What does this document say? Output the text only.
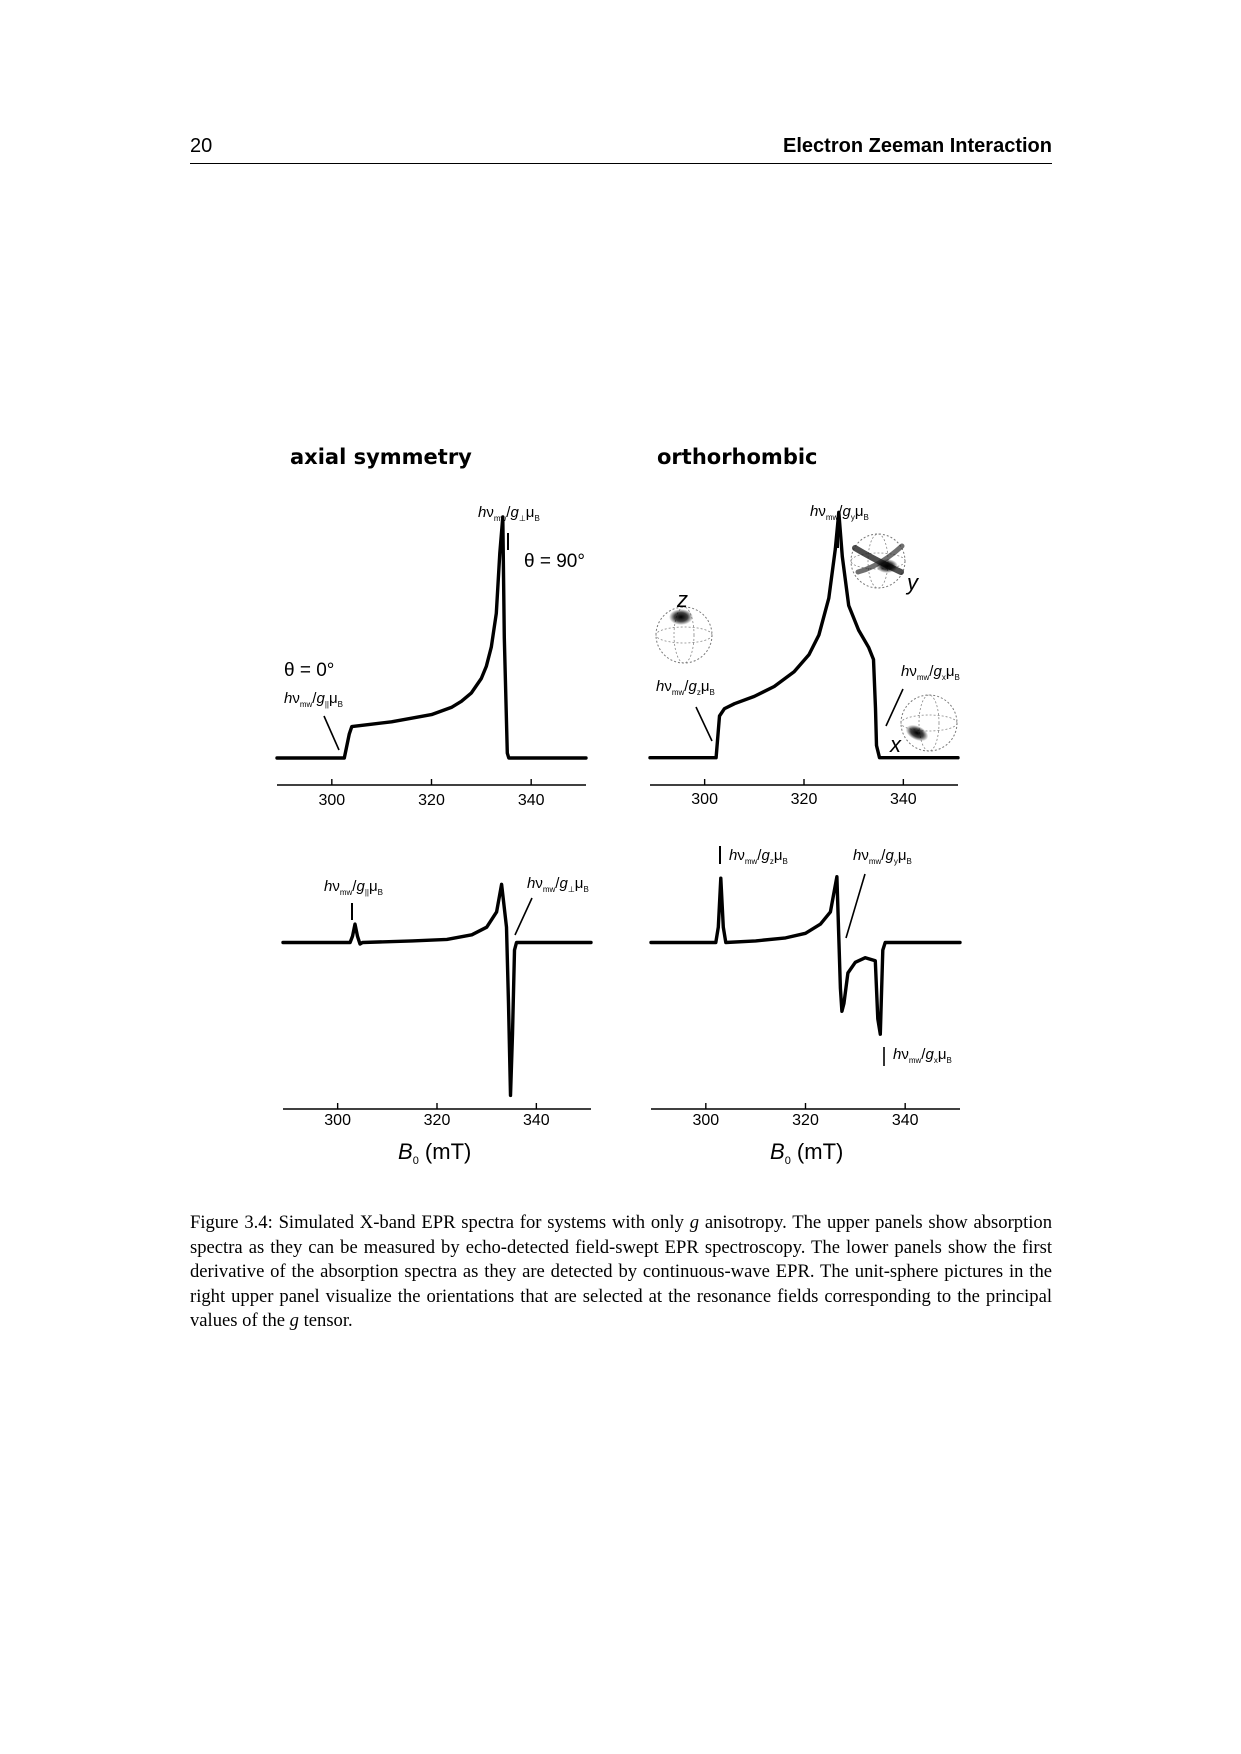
20	Electron Zeeman Interaction
axial symmetry	orthorhombic
300	320	340	300	320	340
300	320	340	300	320	340
$h\nu_{mw}/g_\perp\mu_B$
θ = 90°
θ = 0°
$h\nu_{mw}/g_{||}\mu_B$
$h\nu_{mw}/g_y\mu_B$
$h\nu_{mw}/g_z\mu_B$
$h\nu_{mw}/g_x\mu_B$
z
y
x
$h\nu_{mw}/g_{||}\mu_B$
$h\nu_{mw}/g_\perp\mu_B$
$h\nu_{mw}/g_z\mu_B$	$h\nu_{mw}/g_y\mu_B$
$h\nu_{mw}/g_x\mu_B$
$B_0$ (mT)	$B_0$ (mT)
Figure 3.4: Simulated X-band EPR spectra for systems with only g anisotropy. The upper panels show absorption spectra as they can be measured by echo-detected field-swept EPR spectroscopy. The lower panels show the first derivative of the absorption spectra as they are detected by continuous-wave EPR. The unit-sphere pictures in the right upper panel visualize the orientations that are selected at the resonance fields corresponding to the principal values of the g tensor.
